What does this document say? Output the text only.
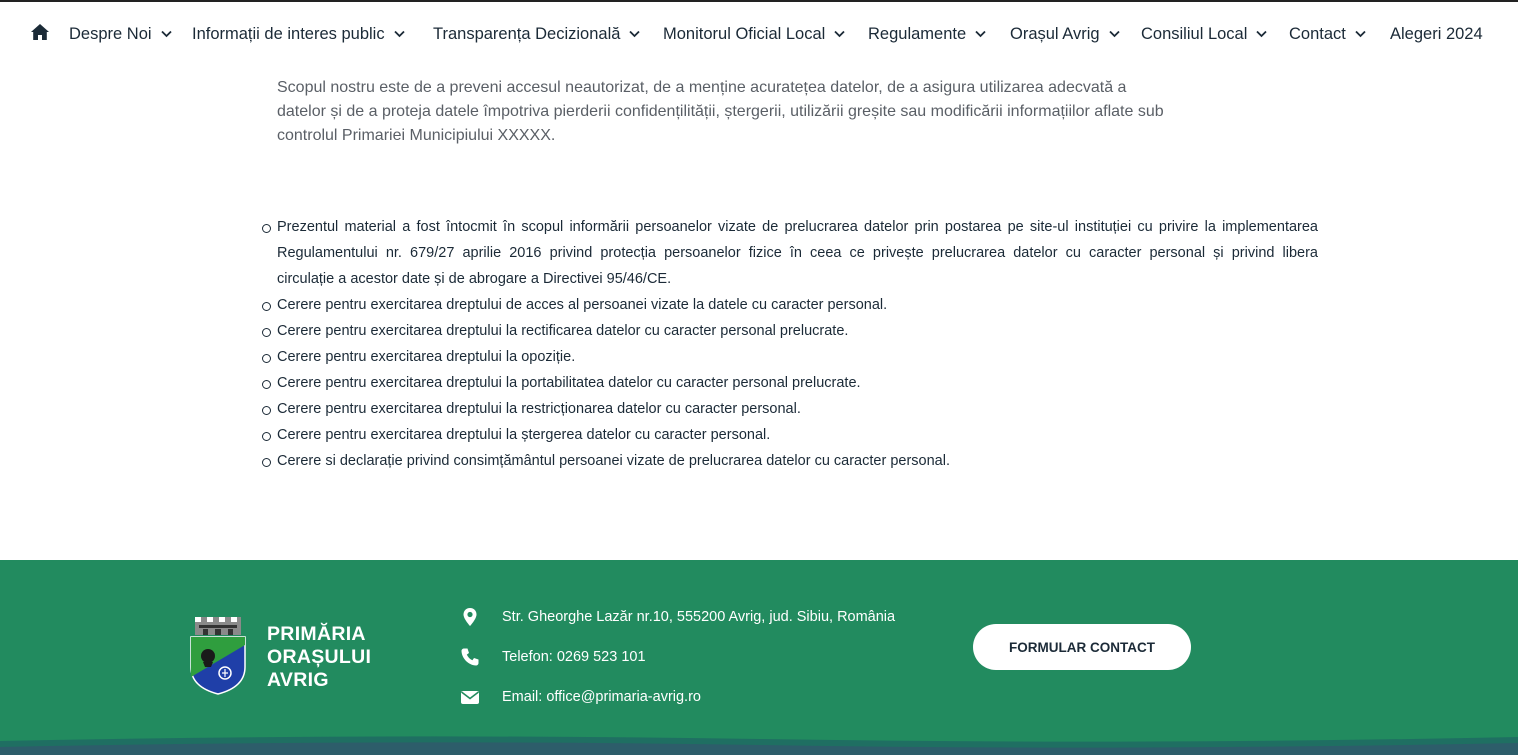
Despre Noi Informații de interes public	Transparența Decizională	Monitorul Oficial Local	Regulamente	Orașul Avrig	Consiliul Local	Contact	Alegeri 2024
Scopul nostru este de a preveni accesul neautorizat, de a menține acuratețea datelor, de a asigura utilizarea adecvată a
datelor și de a proteja datele împotriva pierderii confidențilității, ștergerii, utilizării greșite sau modificării informațiilor aflate sub
controlul Primariei Municipiului XXXXX.
Prezentul material a fost întocmit în scopul informării persoanelor vizate de prelucrarea datelor prin postarea pe site-ul instituției cu privire la implementarea
Regulamentului nr. 679/27 aprilie 2016 privind protecția persoanelor fizice în ceea ce privește prelucrarea datelor cu caracter personal și privind libera
circulație a acestor date și de abrogare a Directivei 95/46/CE.
Cerere pentru exercitarea dreptului de acces al persoanei vizate la datele cu caracter personal.
Cerere pentru exercitarea dreptului la rectificarea datelor cu caracter personal prelucrate.
Cerere pentru exercitarea dreptului la opoziție.
Cerere pentru exercitarea dreptului la portabilitatea datelor cu caracter personal prelucrate.
Cerere pentru exercitarea dreptului la restricționarea datelor cu caracter personal.
Cerere pentru exercitarea dreptului la ștergerea datelor cu caracter personal.
Cerere si declarație privind consimțământul persoanei vizate de prelucrarea datelor cu caracter personal.
PRIMĂRIA
ORAȘULUI
AVRIG
Str. Gheorghe Lazăr nr.10, 555200 Avrig, jud. Sibiu, România
Telefon: 0269 523 101
Email: office@primaria-avrig.ro
FORMULAR CONTACT
